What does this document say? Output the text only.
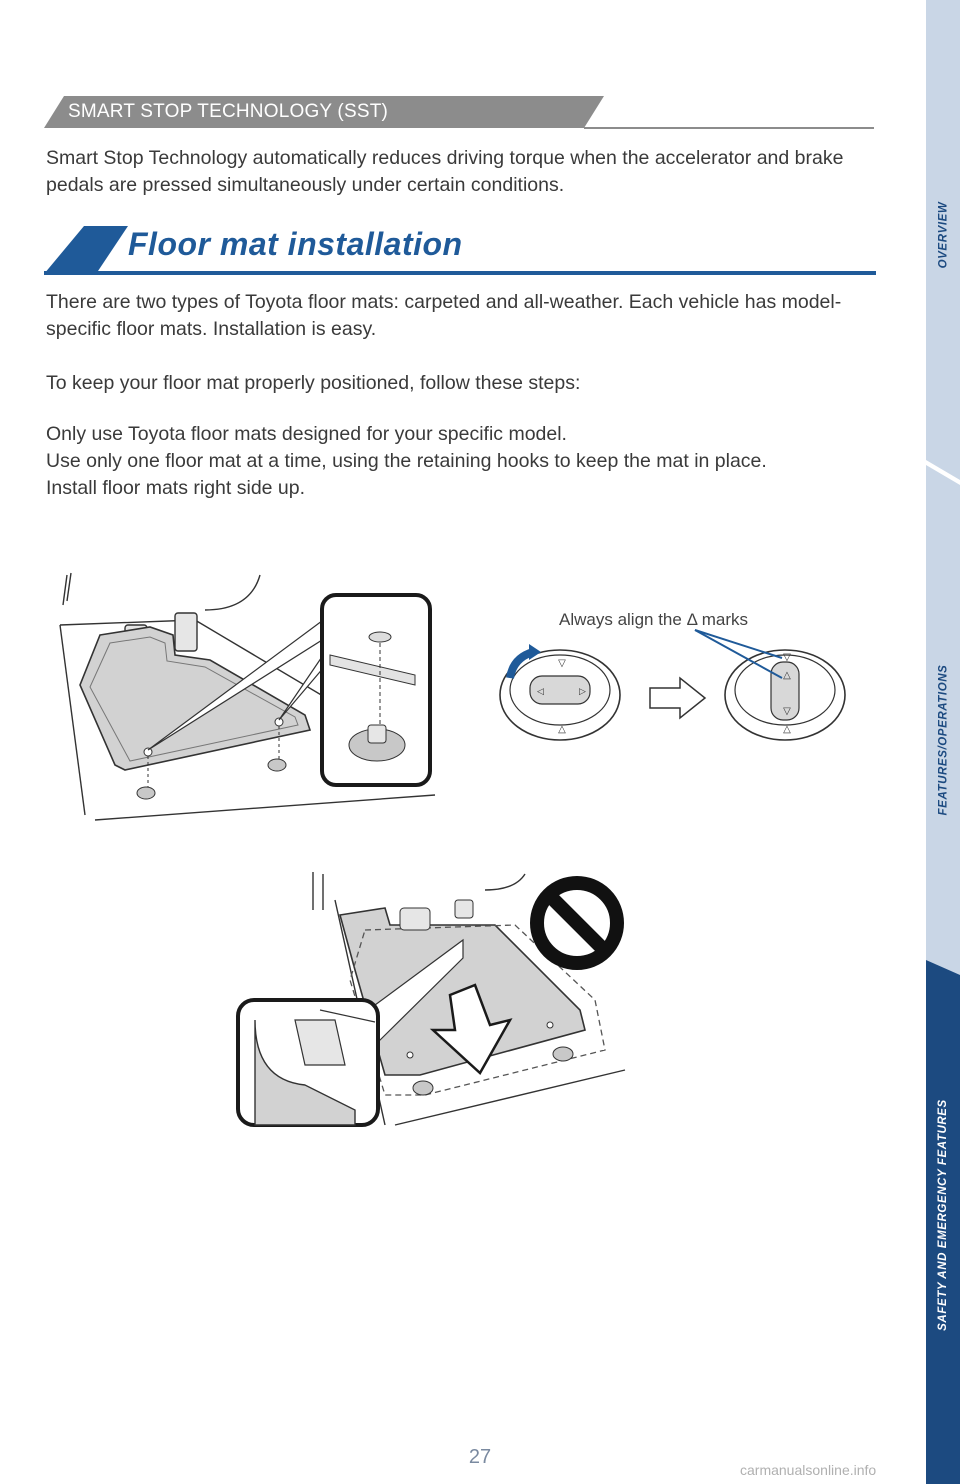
SMART STOP TECHNOLOGY (SST)

Smart Stop Technology automatically reduces driving torque when the accelerator and brake pedals are pressed simultaneously under certain conditions.

Floor mat installation

There are two types of Toyota floor mats: carpeted and all-weather. Each vehicle has model-specific floor mats. Installation is easy.

To keep your floor mat properly positioned, follow these steps:

Only use Toyota floor mats designed for your specific model.

Use only one floor mat at a time, using the retaining hooks to keep the mat in place.

Install floor mats right side up.

▽
△
◁	▷
▽
△
▽
△
Always align the Δ marks
OVERVIEW
FEATURES/OPERATIONS
SAFETY AND EMERGENCY FEATURES
27
carmanualsonline.info
